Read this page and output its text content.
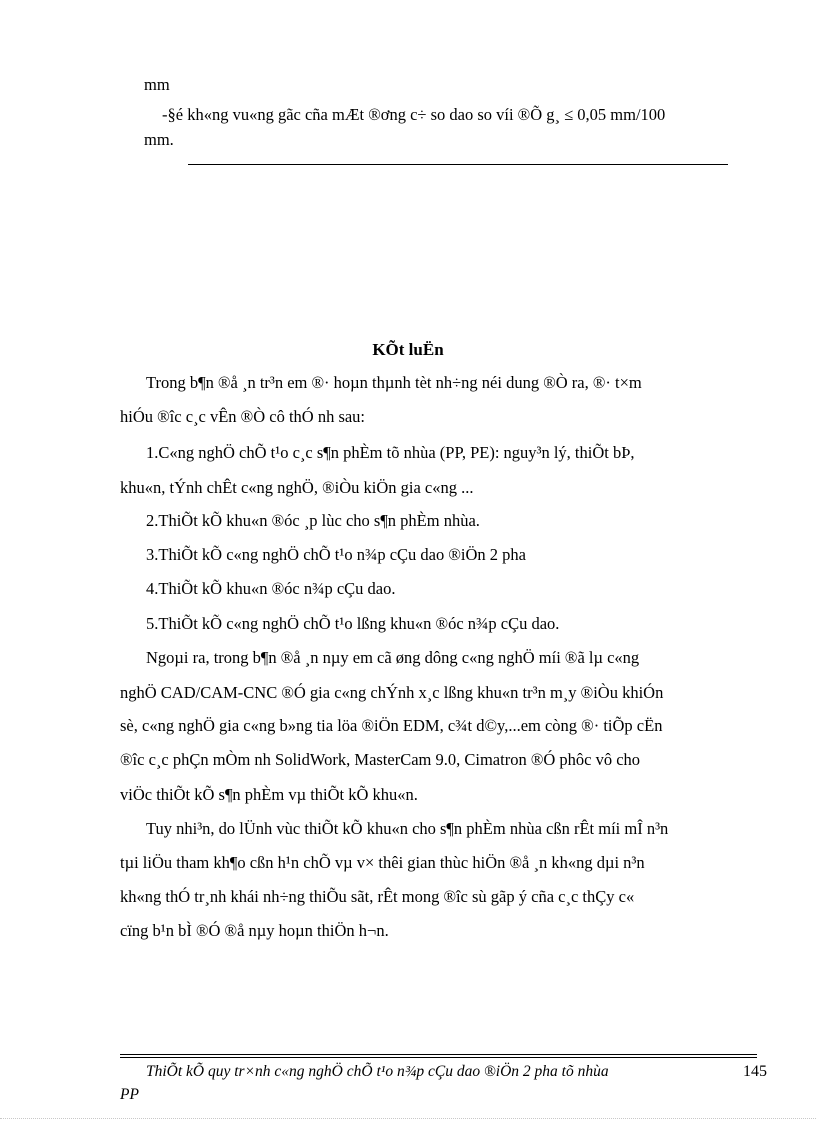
mm
-§é kh«ng vu«ng gãc cña mÆt ®ơng c÷ so dao so víi ®Õ g¸ ≤ 0,05 mm/100
mm.
KÕt luËn
Trong b¶n ®å ¸n tr³n em ®· hoµn thµnh tèt nh÷ng néi dung ®Ò ra, ®· t×m
hiÓu ®îc c¸c vÊn ®Ò cô thÓ nh sau:
1.C«ng nghÖ chÕ t¹o c¸c s¶n phÈm tõ nhùa (PP, PE): nguy³n lý, thiÕt bÞ,
khu«n, tÝnh chÊt c«ng nghÖ, ®iÒu kiÖn gia c«ng ...
2.ThiÕt kÕ khu«n ®óc ¸p lùc cho s¶n phÈm nhùa.
3.ThiÕt kÕ c«ng nghÖ chÕ t¹o n¾p cÇu dao ®iÖn 2 pha
4.ThiÕt kÕ khu«n ®óc n¾p cÇu dao.
5.ThiÕt kÕ c«ng nghÖ chÕ t¹o lßng khu«n ®óc n¾p cÇu dao.
Ngoµi ra, trong b¶n ®å ¸n nµy em cã øng dông c«ng nghÖ míi ®ã lµ c«ng
nghÖ CAD/CAM-CNC ®Ó gia c«ng chÝnh x¸c lßng khu«n tr³n m¸y ®iÒu khiÓn
sè, c«ng nghÖ gia c«ng b»ng tia löa ®iÖn EDM, c¾t d©y,...em còng ®· tiÕp cËn
®îc c¸c phÇn mÒm nh SolidWork, MasterCam 9.0, Cimatron ®Ó phôc vô cho
viÖc thiÕt kÕ s¶n phÈm vµ thiÕt kÕ khu«n.
Tuy nhi³n, do lÜnh vùc thiÕt kÕ khu«n cho s¶n phÈm nhùa cßn rÊt míi mÎ n³n
tµi liÖu tham kh¶o cßn h¹n chÕ vµ v× thêi gian thùc hiÖn ®å ¸n kh«ng dµi n³n
kh«ng thÓ tr¸nh khái nh÷ng thiÕu sãt, rÊt mong ®îc sù gãp ý cña c¸c thÇy c«
cïng b¹n bÌ ®Ó ®å nµy hoµn thiÖn h¬n.
ThiÕt kÕ quy tr×nh c«ng nghÖ chÕ t¹o n¾p cÇu dao ®iÖn 2 pha tõ nhùa
PP
145
